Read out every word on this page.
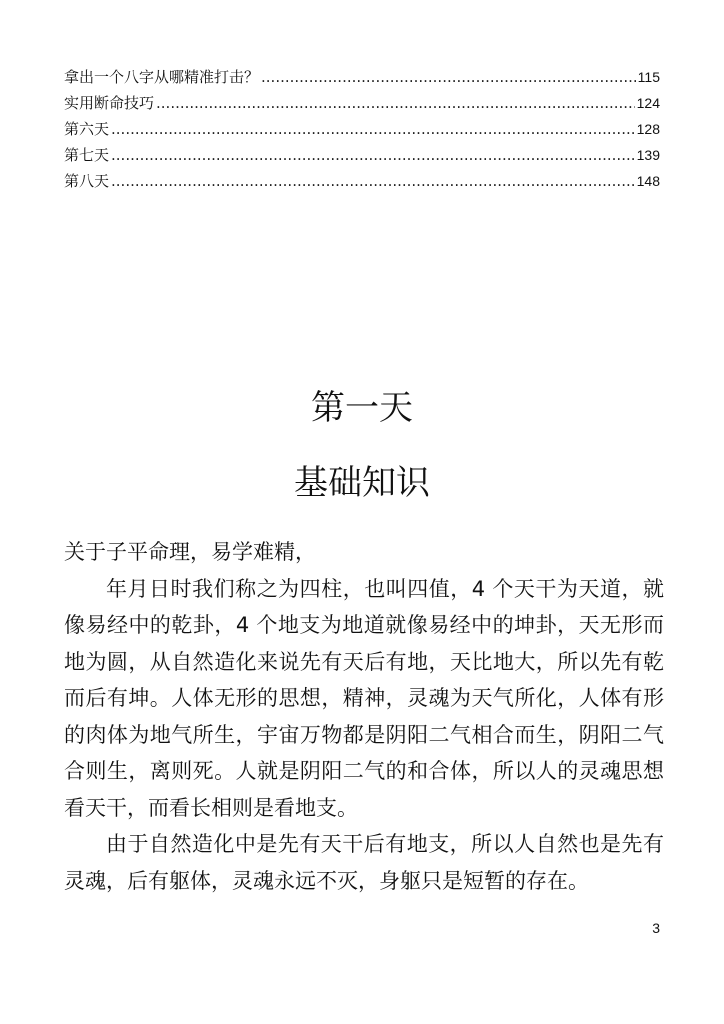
拿出一个八字从哪精准打击？ .....	115
实用断命技巧 .....	124
第六天 .....	128
第七天 .....	139
第八天 .....	148
第一天
基础知识

关于子平命理，易学难精，

年月日时我们称之为四柱，也叫四值，4 个天干为天道，就像易经中的乾卦，4 个地支为地道就像易经中的坤卦，天无形而地为圆，从自然造化来说先有天后有地，天比地大，所以先有乾而后有坤。人体无形的思想，精神，灵魂为天气所化，人体有形的肉体为地气所生，宇宙万物都是阴阳二气相合而生，阴阳二气合则生，离则死。人就是阴阳二气的和合体，所以人的灵魂思想看天干，而看长相则是看地支。

由于自然造化中是先有天干后有地支，所以人自然也是先有灵魂，后有躯体，灵魂永远不灭，身躯只是短暂的存在。

3
